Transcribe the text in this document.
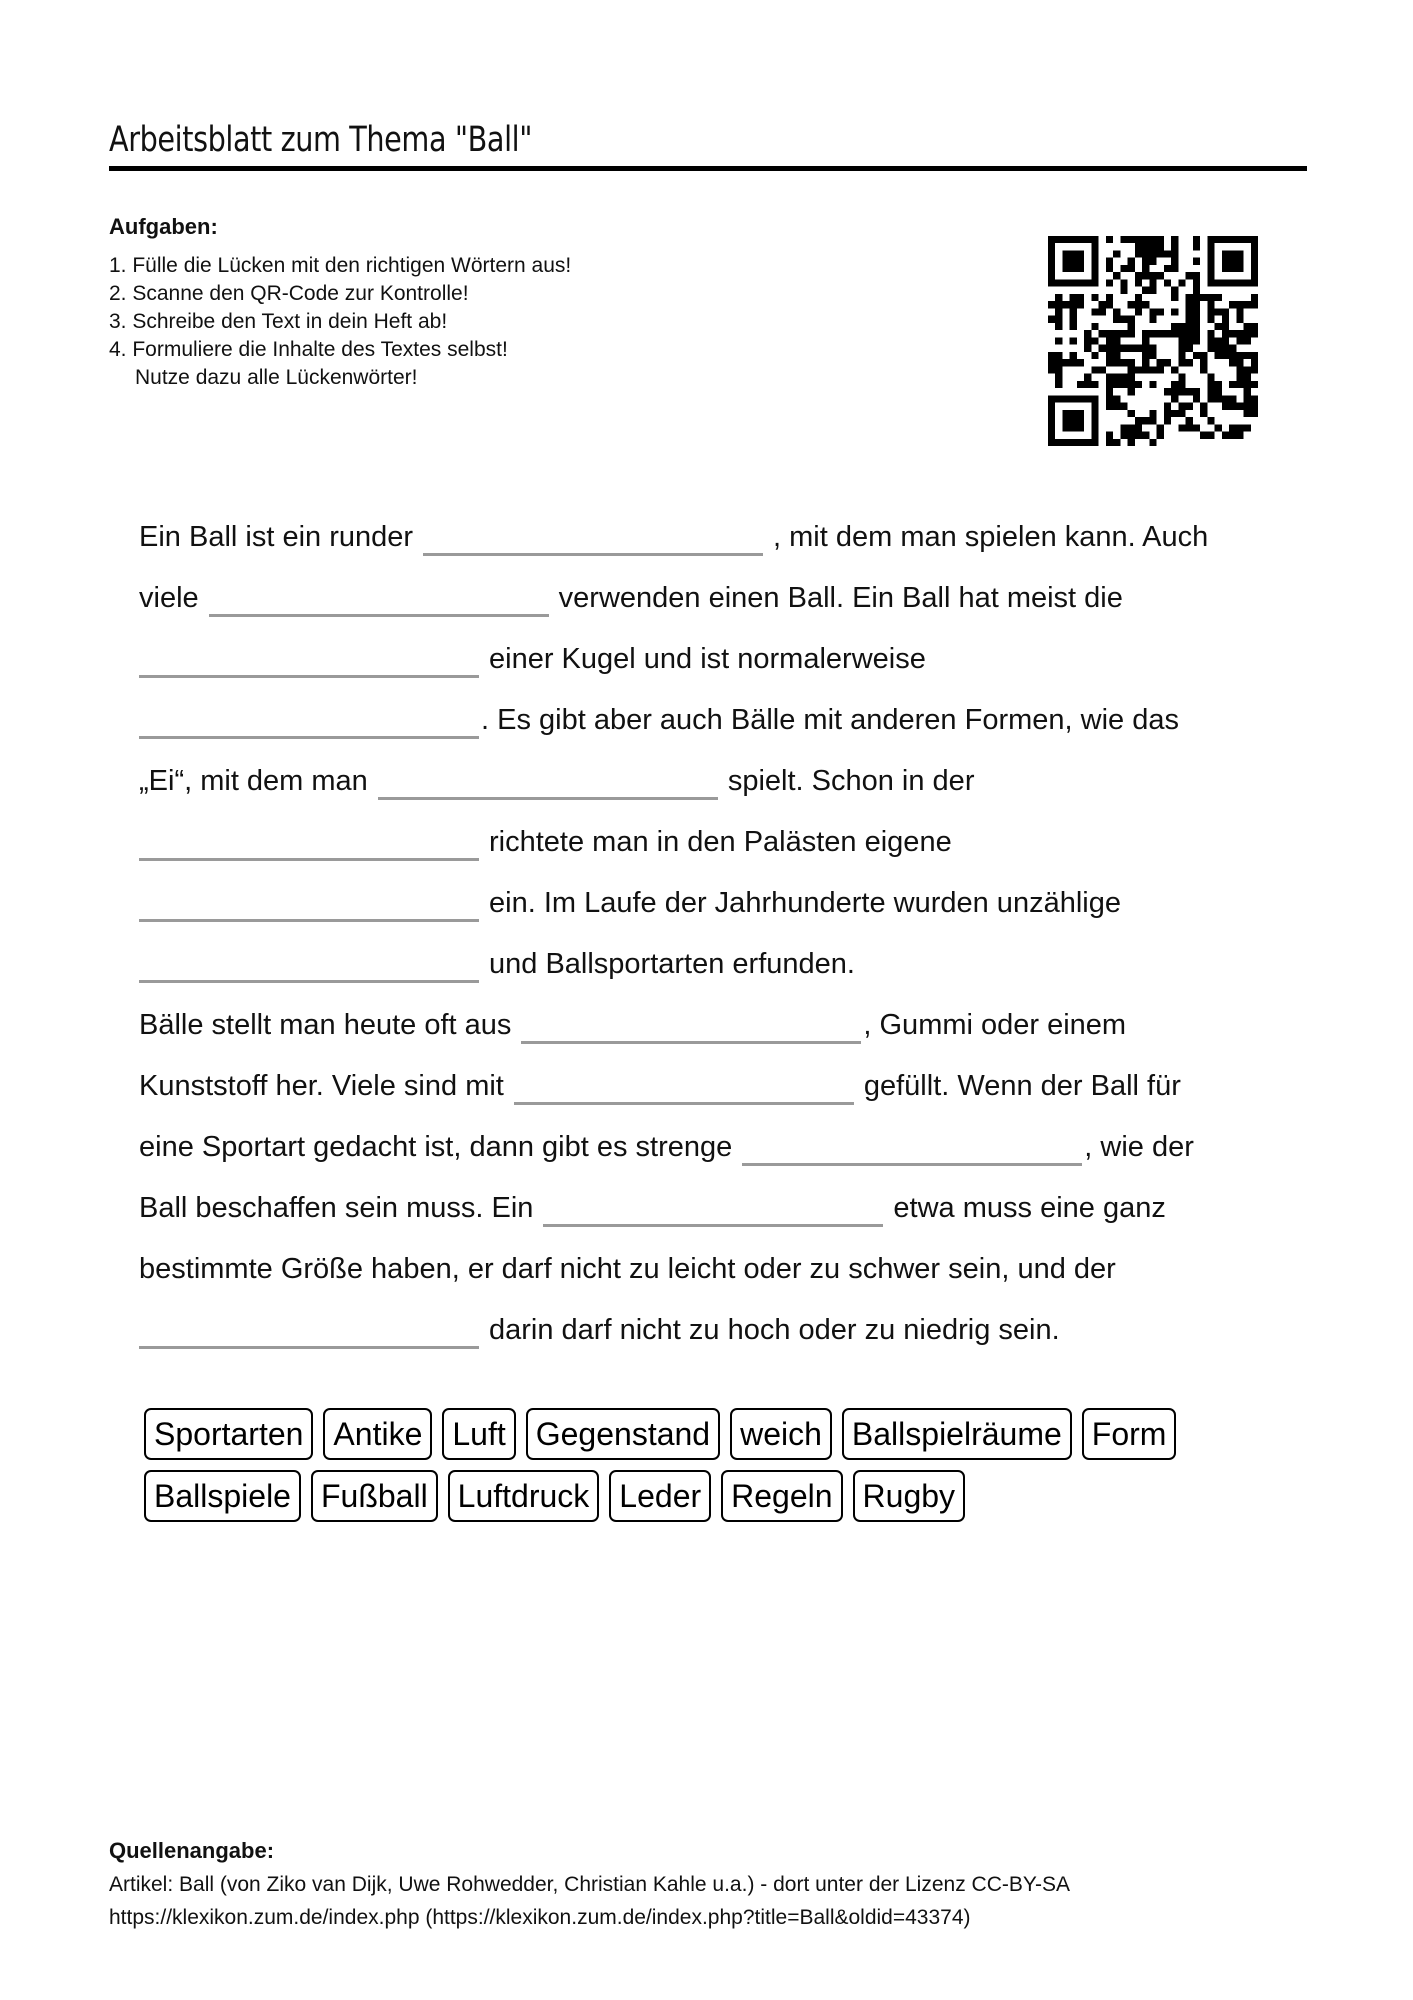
Arbeitsblatt zum Thema "Ball"
Aufgaben:
1. Fülle die Lücken mit den richtigen Wörtern aus!
2. Scanne den QR-Code zur Kontrolle!
3. Schreibe den Text in dein Heft ab!
4. Formuliere die Inhalte des Textes selbst!
Nutze dazu alle Lückenwörter!
Ein Ball ist ein runder	, mit dem man spielen kann. Auch
viele	verwenden einen Ball. Ein Ball hat meist die
einer Kugel und ist normalerweise
. Es gibt aber auch Bälle mit anderen Formen, wie das
„Ei“, mit dem man	spielt. Schon in der
richtete man in den Palästen eigene
ein. Im Laufe der Jahrhunderte wurden unzählige
und Ballsportarten erfunden.
Bälle stellt man heute oft aus	, Gummi oder einem
Kunststoff her. Viele sind mit	gefüllt. Wenn der Ball für
eine Sportart gedacht ist, dann gibt es strenge	, wie der
Ball beschaffen sein muss. Ein	etwa muss eine ganz
bestimmte Größe haben, er darf nicht zu leicht oder zu schwer sein, und der
darin darf nicht zu hoch oder zu niedrig sein.
Sportarten Antike Luft Gegenstand weich Ballspielräume Form
Ballspiele Fußball Luftdruck Leder Regeln Rugby
Quellenangabe:
Artikel: Ball (von Ziko van Dijk, Uwe Rohwedder, Christian Kahle u.a.) - dort unter der Lizenz CC-BY-SA
https://klexikon.zum.de/index.php (https://klexikon.zum.de/index.php?title=Ball&oldid=43374)
